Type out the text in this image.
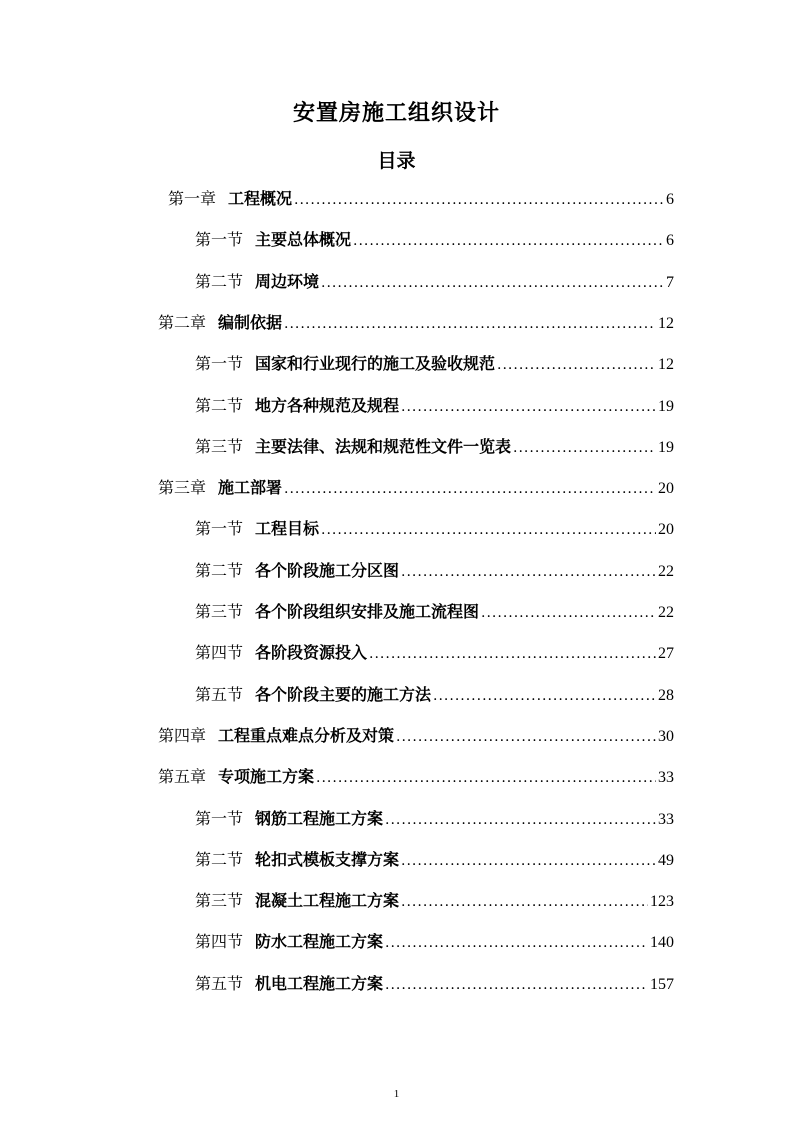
安置房施工组织设计
目录
第一章 工程概况 .....	6
第一节 主要总体概况 .....	6
第二节 周边环境 .....	7
第二章 编制依据 .....	12
第一节 国家和行业现行的施工及验收规范 .....	12
第二节 地方各种规范及规程 .....	19
第三节 主要法律、法规和规范性文件一览表 .....	19
第三章 施工部署 .....	20
第一节 工程目标 .....	20
第二节 各个阶段施工分区图 .....	22
第三节 各个阶段组织安排及施工流程图 .....	22
第四节 各阶段资源投入 .....	27
第五节 各个阶段主要的施工方法 .....	28
第四章 工程重点难点分析及对策 .....	30
第五章 专项施工方案 .....	33
第一节 钢筋工程施工方案 .....	33
第二节 轮扣式模板支撑方案 .....	49
第三节 混凝土工程施工方案 .....	123
第四节 防水工程施工方案 .....	140
第五节 机电工程施工方案 .....	157
1
